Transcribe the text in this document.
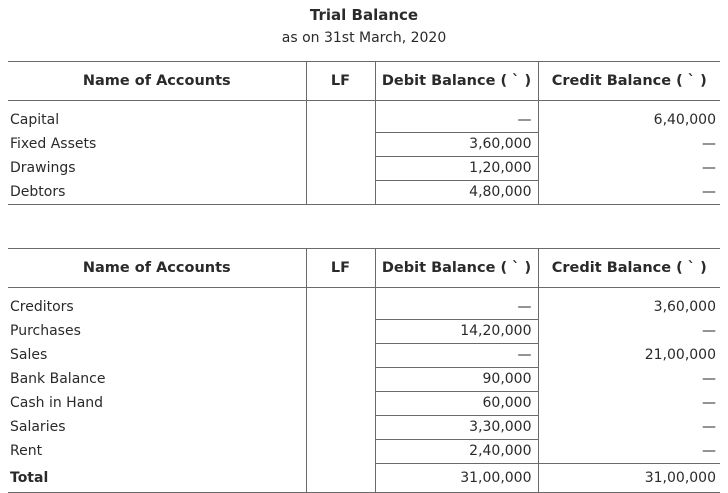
Trial Balance
as on 31st March, 2020
Name of Accounts	LF	Debit Balance ( ` )	Credit Balance ( ` )

Capital		—	6,40,000
Fixed Assets		3,60,000	—
Drawings		1,20,000	—
Debtors		4,80,000	—
Name of Accounts	LF	Debit Balance ( ` )	Credit Balance ( ` )

Creditors		—	3,60,000
Purchases		14,20,000	—
Sales		—	21,00,000
Bank Balance		90,000	—
Cash in Hand		60,000	—
Salaries		3,30,000	—
Rent		2,40,000	—
Total		31,00,000	31,00,000
